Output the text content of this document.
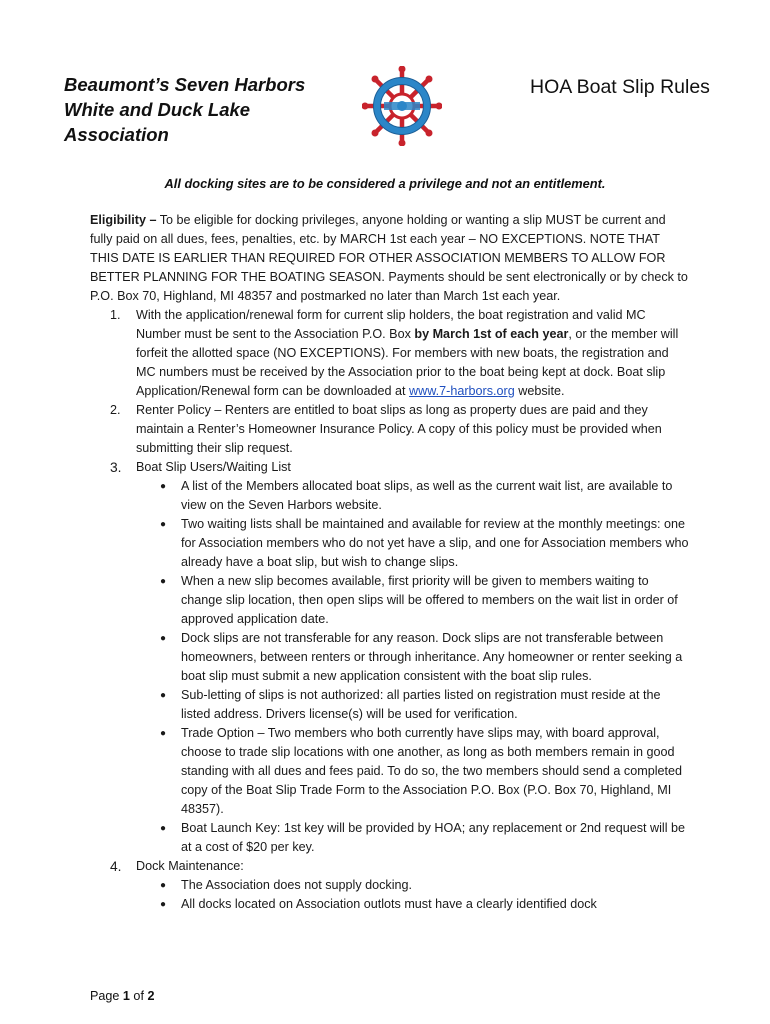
Beaumont’s Seven Harbors
White and Duck Lake
Association
HOA Boat Slip Rules
All docking sites are to be considered a privilege and not an entitlement.

Eligibility – To be eligible for docking privileges, anyone holding or wanting a slip MUST be current and fully paid on all dues, fees, penalties, etc. by MARCH 1st each year – NO EXCEPTIONS. NOTE THAT THIS DATE IS EARLIER THAN REQUIRED FOR OTHER ASSOCIATION MEMBERS TO ALLOW FOR BETTER PLANNING FOR THE BOATING SEASON. Payments should be sent electronically or by check to P.O. Box 70, Highland, MI 48357 and postmarked no later than March 1st each year.

1. With the application/renewal form for current slip holders, the boat registration and valid MC Number must be sent to the Association P.O. Box by March 1st of each year, or the member will forfeit the allotted space (NO EXCEPTIONS). For members with new boats, the registration and MC numbers must be received by the Association prior to the boat being kept at dock. Boat slip Application/Renewal form can be downloaded at www.7-harbors.org website.
2. Renter Policy – Renters are entitled to boat slips as long as property dues are paid and they maintain a Renter’s Homeowner Insurance Policy. A copy of this policy must be provided when submitting their slip request.
3. Boat Slip Users/Waiting List
● A list of the Members allocated boat slips, as well as the current wait list, are available to view on the Seven Harbors website.
● Two waiting lists shall be maintained and available for review at the monthly meetings: one for Association members who do not yet have a slip, and one for Association members who already have a boat slip, but wish to change slips.
● When a new slip becomes available, first priority will be given to members waiting to change slip location, then open slips will be offered to members on the wait list in order of approved application date.
● Dock slips are not transferable for any reason. Dock slips are not transferable between homeowners, between renters or through inheritance. Any homeowner or renter seeking a boat slip must submit a new application consistent with the boat slip rules.
● Sub-letting of slips is not authorized: all parties listed on registration must reside at the listed address. Drivers license(s) will be used for verification.
● Trade Option – Two members who both currently have slips may, with board approval, choose to trade slip locations with one another, as long as both members remain in good standing with all dues and fees paid. To do so, the two members should send a completed copy of the Boat Slip Trade Form to the Association P.O. Box (P.O. Box 70, Highland, MI 48357).
● Boat Launch Key: 1st key will be provided by HOA; any replacement or 2nd request will be at a cost of $20 per key.
4. Dock Maintenance:
● The Association does not supply docking.
● All docks located on Association outlots must have a clearly identified dock
Page 1 of 2
